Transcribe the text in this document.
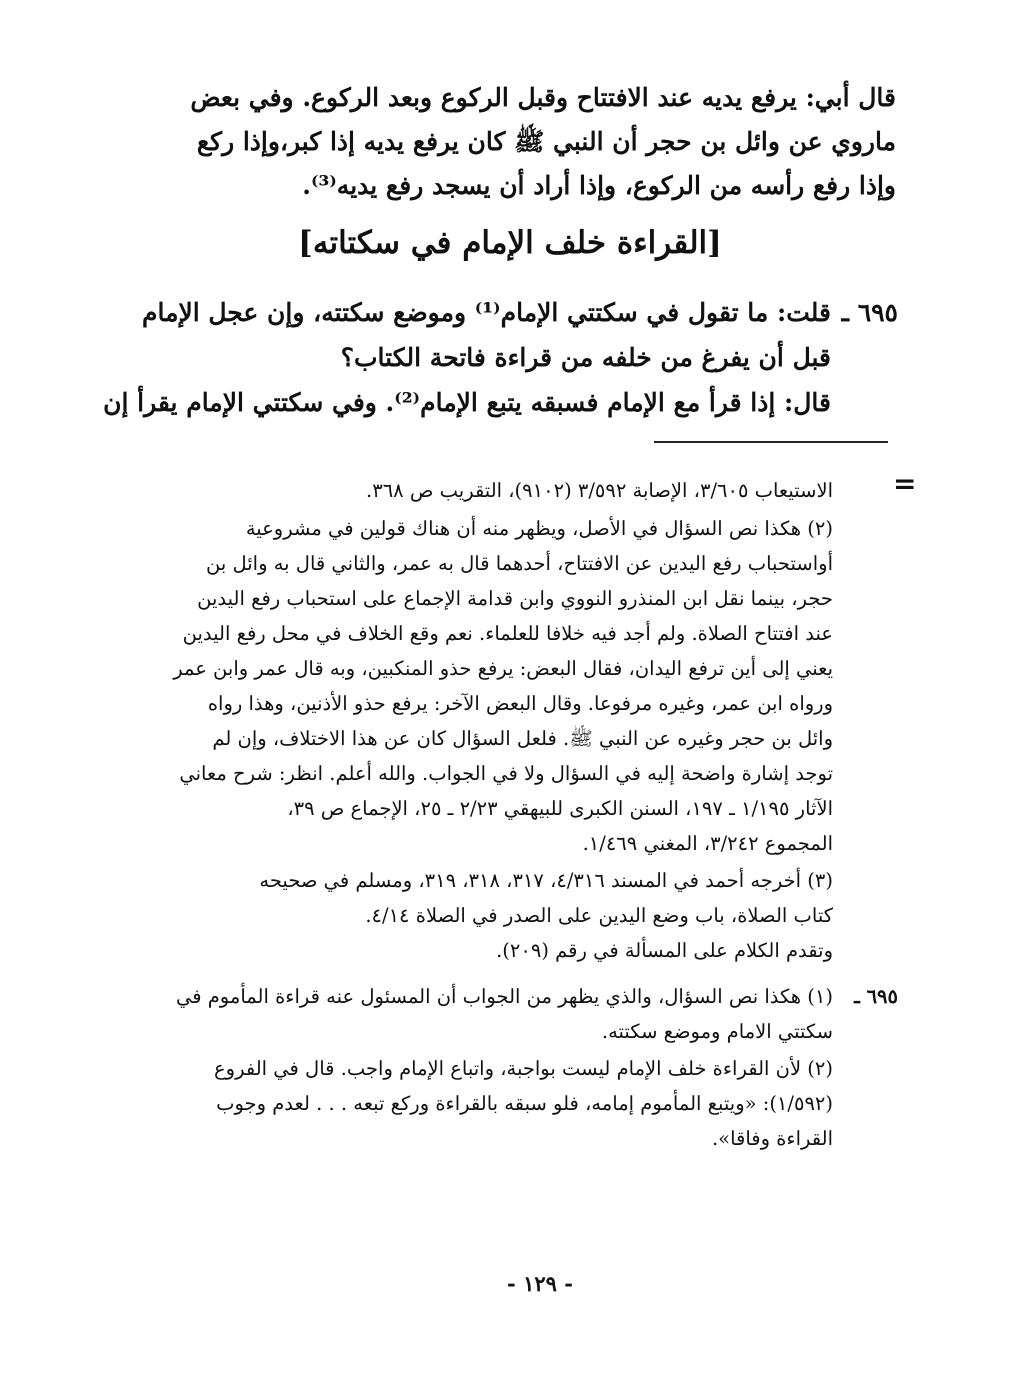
قال أبي: يرفع يديه عند الافتتاح وقبل الركوع وبعد الركوع. وفي بعض
ماروي عن وائل بن حجر أن النبي ﷺ كان يرفع يديه إذا كبر،وإذا ركع
وإذا رفع رأسه من الركوع، وإذا أراد أن يسجد رفع يديه⁽³⁾.
[القراءة خلف الإمام في سكتاته]
٦٩٥ ـ
قلت: ما تقول في سكتتي الإمام⁽¹⁾ وموضع سكتته، وإن عجل الإمام
قبل أن يفرغ من خلفه من قراءة فاتحة الكتاب؟
قال: إذا قرأ مع الإمام فسبقه يتبع الإمام⁽²⁾. وفي سكتتي الإمام يقرأ إن
=
الاستيعاب ٣/٦٠٥، الإصابة ٣/٥٩٢ (٩١٠٢)، التقريب ص ٣٦٨.
(٢) هكذا نص السؤال في الأصل، ويظهر منه أن هناك قولين في مشروعية
أواستحباب رفع اليدين عن الافتتاح، أحدهما قال به عمر، والثاني قال به وائل بن
حجر، بينما نقل ابن المنذرو النووي وابن قدامة الإجماع على استحباب رفع اليدين
عند افتتاح الصلاة. ولم أجد فيه خلافا للعلماء. نعم وقع الخلاف في محل رفع اليدين
يعني إلى أين ترفع اليدان، فقال البعض: يرفع حذو المنكبين، وبه قال عمر وابن عمر
ورواه ابن عمر، وغيره مرفوعا. وقال البعض الآخر: يرفع حذو الأذنين، وهذا رواه
وائل بن حجر وغيره عن النبي ﷺ. فلعل السؤال كان عن هذا الاختلاف، وإن لم
توجد إشارة واضحة إليه في السؤال ولا في الجواب. والله أعلم. انظر: شرح معاني
الآثار ١/١٩٥ ـ ١٩٧، السنن الكبرى للبيهقي ٢/٢٣ ـ ٢٥، الإجماع ص ٣٩،
المجموع ٣/٢٤٢، المغني ١/٤٦٩.
(٣) أخرجه أحمد في المسند ٤/٣١٦، ٣١٧، ٣١٨، ٣١٩، ومسلم في صحيحه
كتاب الصلاة، باب وضع اليدين على الصدر في الصلاة ٤/١٤.
وتقدم الكلام على المسألة في رقم (٢٠٩).
٦٩٥ ـ
(١) هكذا نص السؤال، والذي يظهر من الجواب أن المسئول عنه قراءة المأموم في
سكتتي الامام وموضع سكتته.
(٢) لأن القراءة خلف الإمام ليست بواجبة، واتباع الإمام واجب. قال في الفروع
(١/٥٩٢): «ويتبع المأموم إمامه، فلو سبقه بالقراءة وركع تبعه . . . لعدم وجوب
القراءة وفاقا».
- ١٢٩ -
